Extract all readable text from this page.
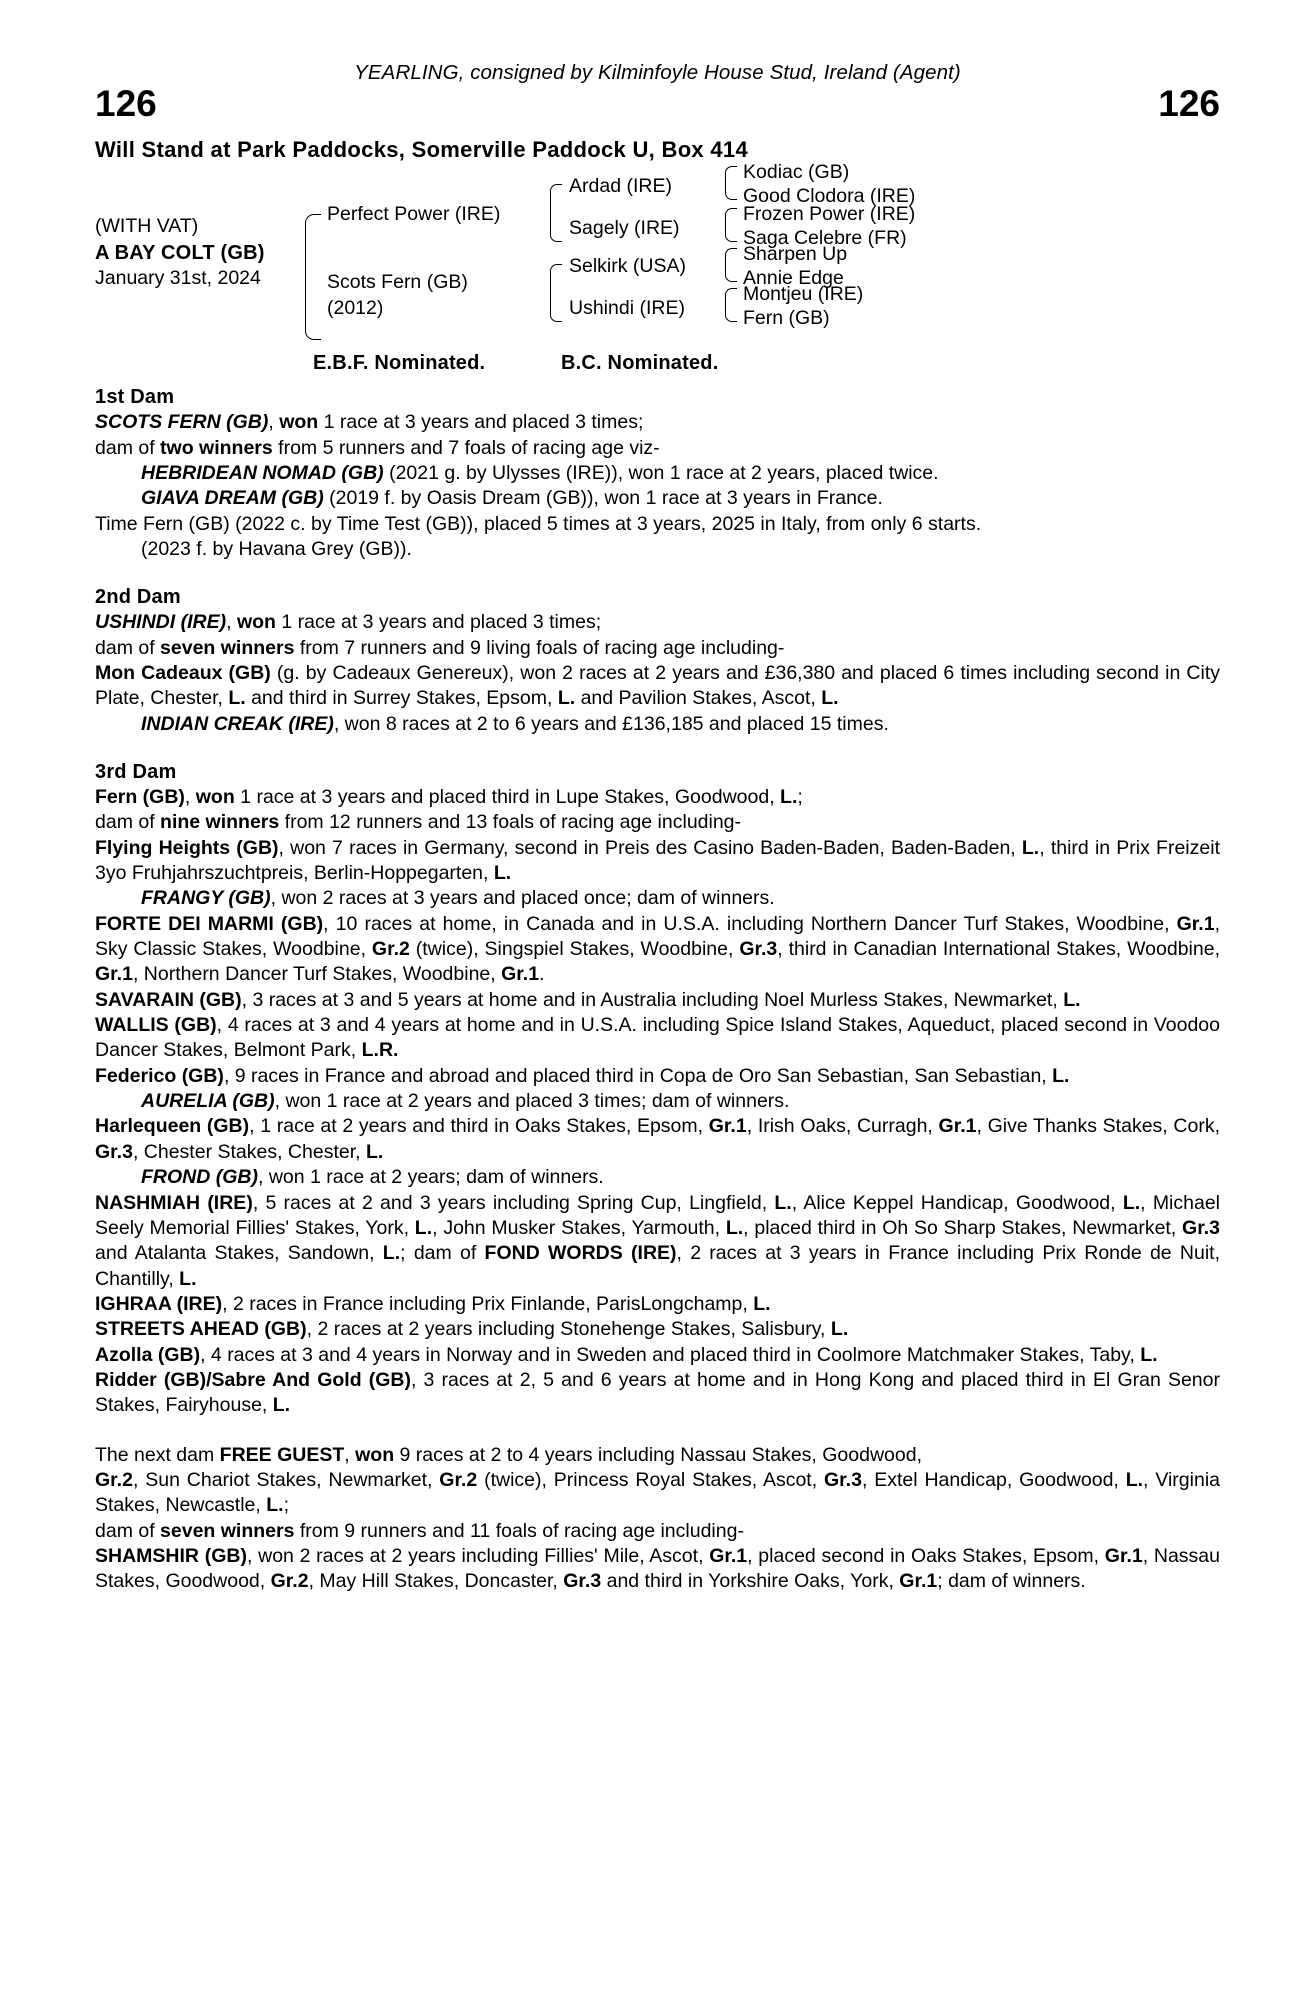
YEARLING, consigned by Kilminfoyle House Stud, Ireland (Agent)
126	126
Will Stand at Park Paddocks, Somerville Paddock U, Box 414
(WITH VAT)
A BAY COLT (GB)
January 31st, 2024
Perfect Power (IRE)
Scots Fern (GB)
(2012)
Ardad (IRE)
Sagely (IRE)
Selkirk (USA)
Ushindi (IRE)
Kodiac (GB)
Good Clodora (IRE)
Frozen Power (IRE)
Saga Celebre (FR)
Sharpen Up
Annie Edge
Montjeu (IRE)
Fern (GB)
E.B.F. Nominated.	B.C. Nominated.
1st Dam

SCOTS FERN (GB), won 1 race at 3 years and placed 3 times;

dam of two winners from 5 runners and 7 foals of racing age viz-

HEBRIDEAN NOMAD (GB) (2021 g. by Ulysses (IRE)), won 1 race at 2 years, placed twice.

GIAVA DREAM (GB) (2019 f. by Oasis Dream (GB)), won 1 race at 3 years in France.

Time Fern (GB) (2022 c. by Time Test (GB)), placed 5 times at 3 years, 2025 in Italy, from only 6 starts.

(2023 f. by Havana Grey (GB)).

2nd Dam

USHINDI (IRE), won 1 race at 3 years and placed 3 times;

dam of seven winners from 7 runners and 9 living foals of racing age including-

Mon Cadeaux (GB) (g. by Cadeaux Genereux), won 2 races at 2 years and £36,380 and placed 6 times including second in City Plate, Chester, L. and third in Surrey Stakes, Epsom, L. and Pavilion Stakes, Ascot, L.

INDIAN CREAK (IRE), won 8 races at 2 to 6 years and £136,185 and placed 15 times.

3rd Dam

Fern (GB), won 1 race at 3 years and placed third in Lupe Stakes, Goodwood, L.;

dam of nine winners from 12 runners and 13 foals of racing age including-

Flying Heights (GB), won 7 races in Germany, second in Preis des Casino Baden-Baden, Baden-Baden, L., third in Prix Freizeit 3yo Fruhjahrszuchtpreis, Berlin-Hoppegarten, L.

FRANGY (GB), won 2 races at 3 years and placed once; dam of winners.

FORTE DEI MARMI (GB), 10 races at home, in Canada and in U.S.A. including Northern Dancer Turf Stakes, Woodbine, Gr.1, Sky Classic Stakes, Woodbine, Gr.2 (twice), Singspiel Stakes, Woodbine, Gr.3, third in Canadian International Stakes, Woodbine, Gr.1, Northern Dancer Turf Stakes, Woodbine, Gr.1.

SAVARAIN (GB), 3 races at 3 and 5 years at home and in Australia including Noel Murless Stakes, Newmarket, L.

WALLIS (GB), 4 races at 3 and 4 years at home and in U.S.A. including Spice Island Stakes, Aqueduct, placed second in Voodoo Dancer Stakes, Belmont Park, L.R.

Federico (GB), 9 races in France and abroad and placed third in Copa de Oro San Sebastian, San Sebastian, L.

AURELIA (GB), won 1 race at 2 years and placed 3 times; dam of winners.

Harlequeen (GB), 1 race at 2 years and third in Oaks Stakes, Epsom, Gr.1, Irish Oaks, Curragh, Gr.1, Give Thanks Stakes, Cork, Gr.3, Chester Stakes, Chester, L.

FROND (GB), won 1 race at 2 years; dam of winners.

NASHMIAH (IRE), 5 races at 2 and 3 years including Spring Cup, Lingfield, L., Alice Keppel Handicap, Goodwood, L., Michael Seely Memorial Fillies' Stakes, York, L., John Musker Stakes, Yarmouth, L., placed third in Oh So Sharp Stakes, Newmarket, Gr.3 and Atalanta Stakes, Sandown, L.; dam of FOND WORDS (IRE), 2 races at 3 years in France including Prix Ronde de Nuit, Chantilly, L.

IGHRAA (IRE), 2 races in France including Prix Finlande, ParisLongchamp, L.

STREETS AHEAD (GB), 2 races at 2 years including Stonehenge Stakes, Salisbury, L.

Azolla (GB), 4 races at 3 and 4 years in Norway and in Sweden and placed third in Coolmore Matchmaker Stakes, Taby, L.

Ridder (GB)/Sabre And Gold (GB), 3 races at 2, 5 and 6 years at home and in Hong Kong and placed third in El Gran Senor Stakes, Fairyhouse, L.

The next dam FREE GUEST, won 9 races at 2 to 4 years including Nassau Stakes, Goodwood,

Gr.2, Sun Chariot Stakes, Newmarket, Gr.2 (twice), Princess Royal Stakes, Ascot, Gr.3, Extel Handicap, Goodwood, L., Virginia Stakes, Newcastle, L.;

dam of seven winners from 9 runners and 11 foals of racing age including-

SHAMSHIR (GB), won 2 races at 2 years including Fillies' Mile, Ascot, Gr.1, placed second in Oaks Stakes, Epsom, Gr.1, Nassau Stakes, Goodwood, Gr.2, May Hill Stakes, Doncaster, Gr.3 and third in Yorkshire Oaks, York, Gr.1; dam of winners.
